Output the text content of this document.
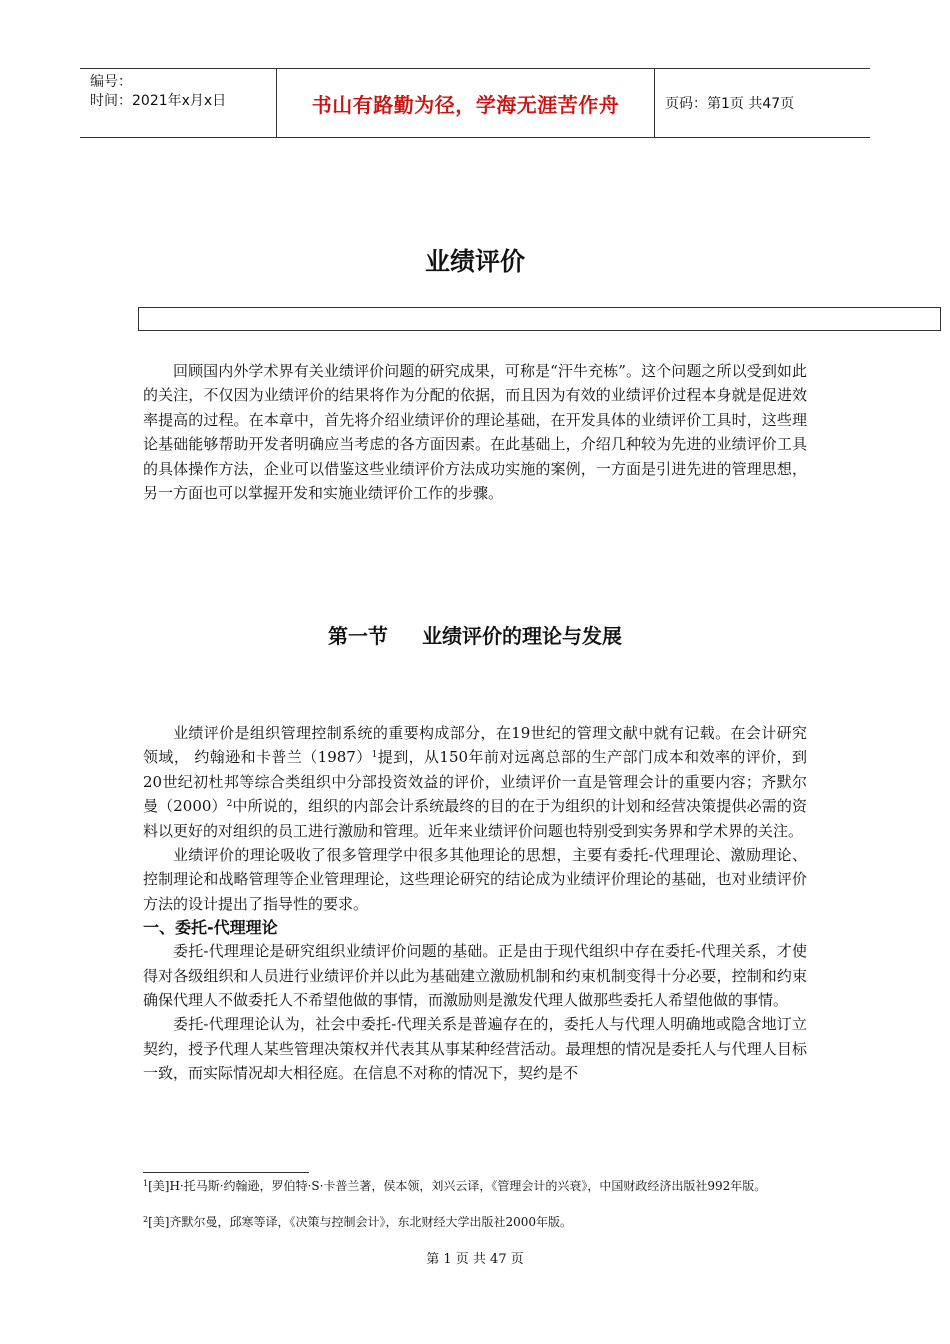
编号：
时间：2021年x月x日	书山有路勤为径，学海无涯苦作舟	页码：第1页 共47页
业绩评价

回顾国内外学术界有关业绩评价问题的研究成果，可称是“汗牛充栋”。这个问题之所以受到如此的关注，不仅因为业绩评价的结果将作为分配的依据，而且因为有效的业绩评价过程本身就是促进效率提高的过程。在本章中，首先将介绍业绩评价的理论基础，在开发具体的业绩评价工具时，这些理论基础能够帮助开发者明确应当考虑的各方面因素。在此基础上，介绍几种较为先进的业绩评价工具的具体操作方法，企业可以借鉴这些业绩评价方法成功实施的案例，一方面是引进先进的管理思想，另一方面也可以掌握开发和实施业绩评价工作的步骤。

第一节 业绩评价的理论与发展

业绩评价是组织管理控制系统的重要构成部分，在19世纪的管理文献中就有记载。在会计研究领域， 约翰逊和卡普兰$(1987)^1$提到，从150年前对远离总部的生产部门成本和效率的评价，到20世纪初杜邦等综合类组织中分部投资效益的评价，业绩评价一直是管理会计的重要内容；齐默尔曼$(2000)^2$中所说的，组织的内部会计系统最终的目的在于为组织的计划和经营决策提供必需的资料以更好的对组织的员工进行激励和管理。近年来业绩评价问题也特别受到实务界和学术界的关注。

业绩评价的理论吸收了很多管理学中很多其他理论的思想，主要有委托-代理理论、激励理论、控制理论和战略管理等企业管理理论，这些理论研究的结论成为业绩评价理论的基础，也对业绩评价方法的设计提出了指导性的要求。

一、委托-代理理论

委托-代理理论是研究组织业绩评价问题的基础。正是由于现代组织中存在委托-代理关系，才使得对各级组织和人员进行业绩评价并以此为基础建立激励机制和约束机制变得十分必要，控制和约束确保代理人不做委托人不希望他做的事情，而激励则是激发代理人做那些委托人希望他做的事情。

委托-代理理论认为，社会中委托-代理关系是普遍存在的，委托人与代理人明确地或隐含地订立契约，授予代理人某些管理决策权并代表其从事某种经营活动。最理想的情况是委托人与代理人目标一致，而实际情况却大相径庭。在信息不对称的情况下，契约是不

$^1$[美]H·托马斯·约翰逊，罗伯特·S·卡普兰著，侯本领，刘兴云译，《管理会计的兴衰》，中国财政经济出版社992年版。
$^2$[美]齐默尔曼，邱寒等译，《决策与控制会计》，东北财经大学出版社2000年版。
第 1 页 共 47 页
